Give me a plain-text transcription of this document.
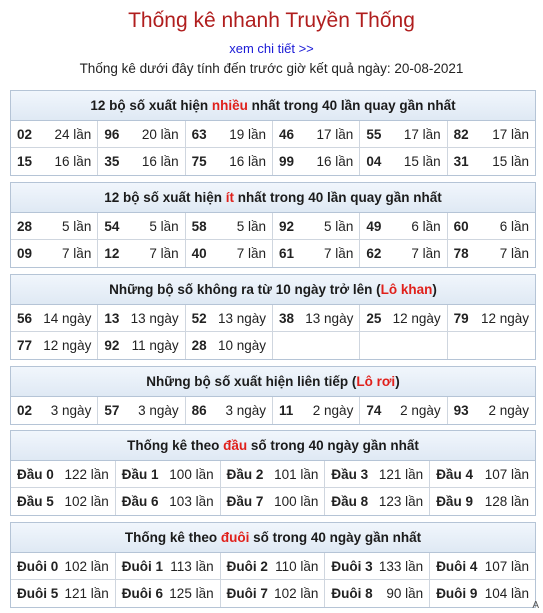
Thống kê nhanh Truyền Thống
xem chi tiết >>
Thống kê dưới đây tính đến trước giờ kết quả ngày: 20-08-2021
12 bộ số xuất hiện nhiều nhất trong 40 lần quay gần nhất
02 24 lần 96 20 lần 63 19 lần 46 17 lần 55 17 lần 82 17 lần
15 16 lần 35 16 lần 75 16 lần 99 16 lần 04 15 lần 31 15 lần
12 bộ số xuất hiện ít nhất trong 40 lần quay gần nhất
28 5 lần 54 5 lần 58 5 lần 92 5 lần 49 6 lần 60 6 lần
09 7 lần 12 7 lần 40 7 lần 61 7 lần 62 7 lần 78 7 lần
Những bộ số không ra từ 10 ngày trở lên (Lô khan)
56 14 ngày 13 13 ngày 52 13 ngày 38 13 ngày 25 12 ngày 79 12 ngày
77 12 ngày 92 11 ngày 28 10 ngày
Những bộ số xuất hiện liên tiếp (Lô rơi)
02 3 ngày 57 3 ngày 86 3 ngày 11 2 ngày 74 2 ngày 93 2 ngày
Thống kê theo đầu số trong 40 ngày gần nhất
Đầu 0 122 lần Đầu 1 100 lần Đầu 2 101 lần Đầu 3 121 lần Đầu 4 107 lần
Đầu 5 102 lần Đầu 6 103 lần Đầu 7 100 lần Đầu 8 123 lần Đầu 9 128 lần
Thống kê theo đuôi số trong 40 ngày gần nhất
Đuôi 0 102 lần Đuôi 1 113 lần Đuôi 2 110 lần Đuôi 3 133 lần Đuôi 4 107 lần
Đuôi 5 121 lần Đuôi 6 125 lần Đuôi 7 102 lần Đuôi 8 90 lần Đuôi 9 104 lần
A
